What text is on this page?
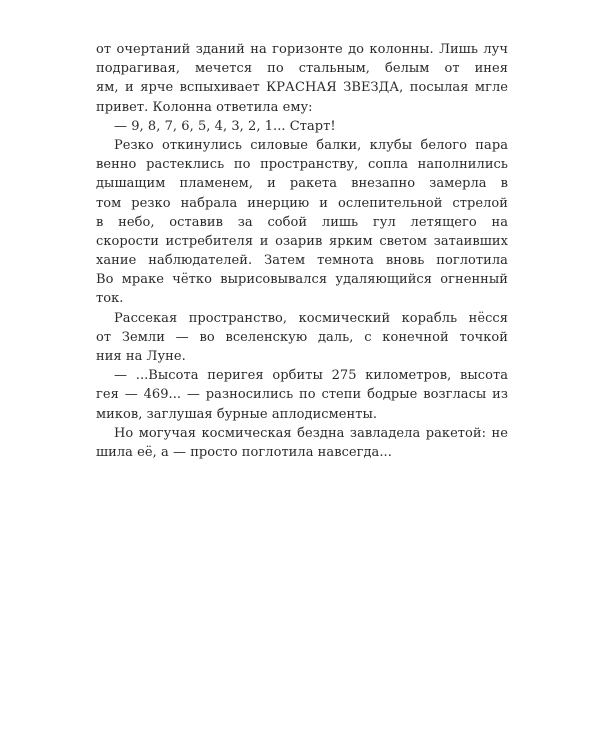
от очертаний зданий на горизонте до колонны. Лишь луч
подрагивая, мечется по стальным, белым от инея
ям, и ярче вспыхивает КРАСНАЯ ЗВЕЗДА, посылая мгле
привет. Колонна ответила ему:
— 9, 8, 7, 6, 5, 4, 3, 2, 1... Старт!
Резко откинулись силовые балки, клубы белого пара
венно растеклись по пространству, сопла наполнились
дышащим пламенем, и ракета внезапно замерла в
том резко набрала инерцию и ослепительной стрелой
в небо, оставив за собой лишь гул летящего на
скорости истребителя и озарив ярким светом затаивших
хание наблюдателей. Затем темнота вновь поглотила
Во мраке чётко вырисовывался удаляющийся огненный
ток.
Рассекая пространство, космический корабль нёсся
от Земли — во вселенскую даль, с конечной точкой
ния на Луне.
— ...Высота перигея орбиты 275 километров, высота
гея — 469... — разносились по степи бодрые возгласы из
миков, заглушая бурные аплодисменты.
Но могучая космическая бездна завладела ракетой: не
шила её, а — просто поглотила навсегда...
